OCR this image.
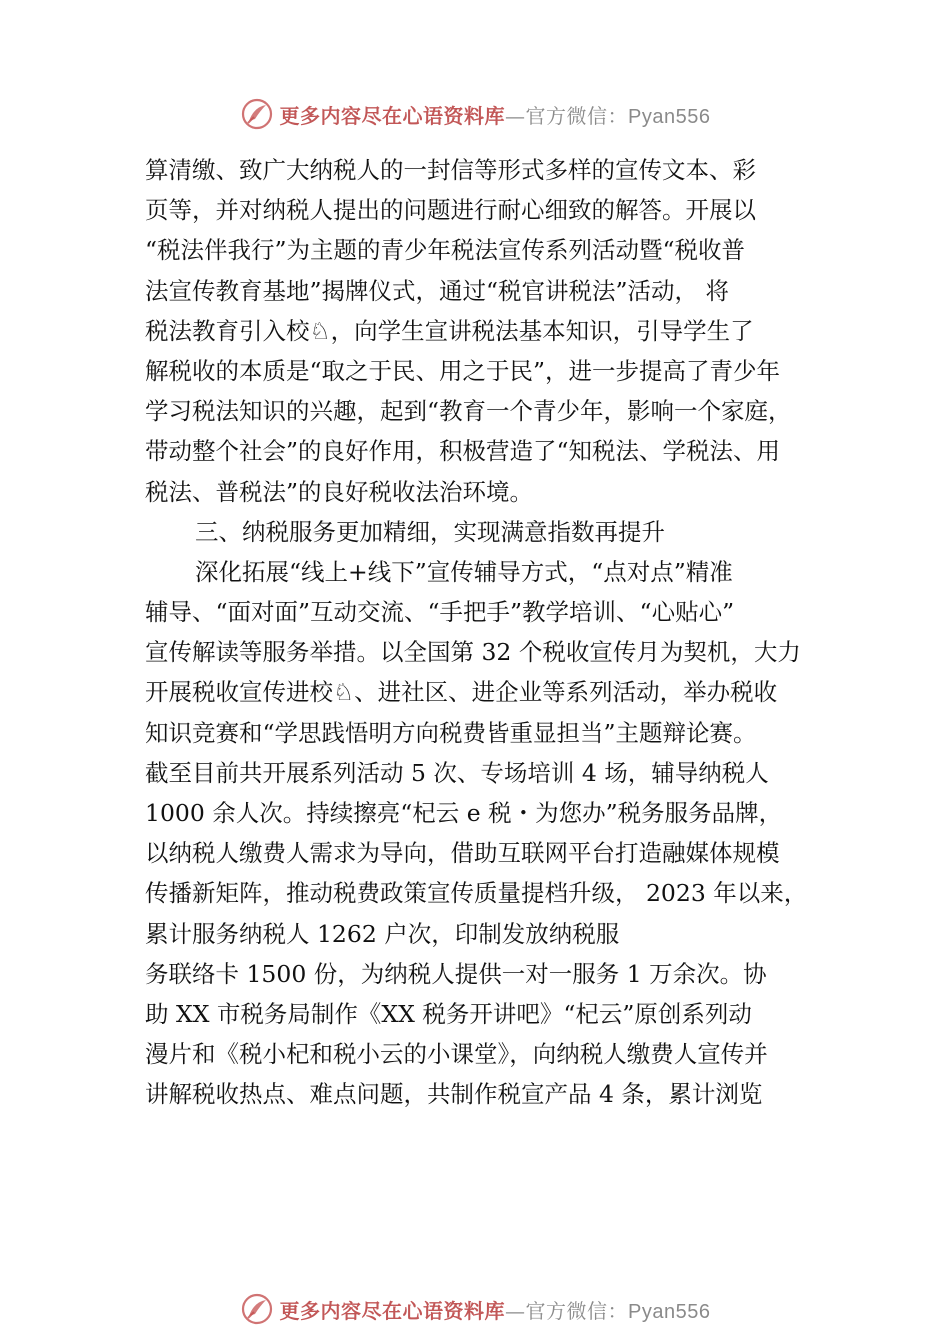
更多内容尽在心语资料库 —官方微信： Pyan556
算清缴、致广大纳税人的一封信等形式多样的宣传文本、彩
页等，并对纳税人提出的问题进行耐心细致的解答。开展以
“税法伴我行”为主题的青少年税法宣传系列活动暨“税收普
法宣传教育基地”揭牌仪式，通过“税官讲税法”活动， 将
税法教育引入校♘，向学生宣讲税法基本知识，引导学生了
解税收的本质是“取之于民、用之于民”，进一步提高了青少年
学习税法知识的兴趣，起到“教育一个青少年，影响一个家庭，
带动整个社会”的良好作用，积极营造了“知税法、学税法、用
税法、普税法”的良好税收法治环境。
三、纳税服务更加精细，实现满意指数再提升
深化拓展“线上+线下”宣传辅导方式，“点对点”精准
辅导、“面对面”互动交流、“手把手”教学培训、“心贴心”
宣传解读等服务举措。以全国第 32 个税收宣传月为契机，大力
开展税收宣传进校♘、进社区、进企业等系列活动，举办税收
知识竞赛和“学思践悟明方向税费皆重显担当”主题辩论赛。
截至目前共开展系列活动 5 次、专场培训 4 场，辅导纳税人
1000 余人次。持续擦亮“杞云 e 税・为您办”税务服务品牌，
以纳税人缴费人需求为导向，借助互联网平台打造融媒体规模
传播新矩阵，推动税费政策宣传质量提档升级， 2023 年以来，
累计服务纳税人 1262 户次，印制发放纳税服
务联络卡 1500 份，为纳税人提供一对一服务 1 万余次。协
助 XX 市税务局制作《XX 税务开讲吧》“杞云”原创系列动
漫片和《税小杞和税小云的小课堂》，向纳税人缴费人宣传并
讲解税收热点、难点问题，共制作税宣产品 4 条，累计浏览
更多内容尽在心语资料库 —官方微信： Pyan556
